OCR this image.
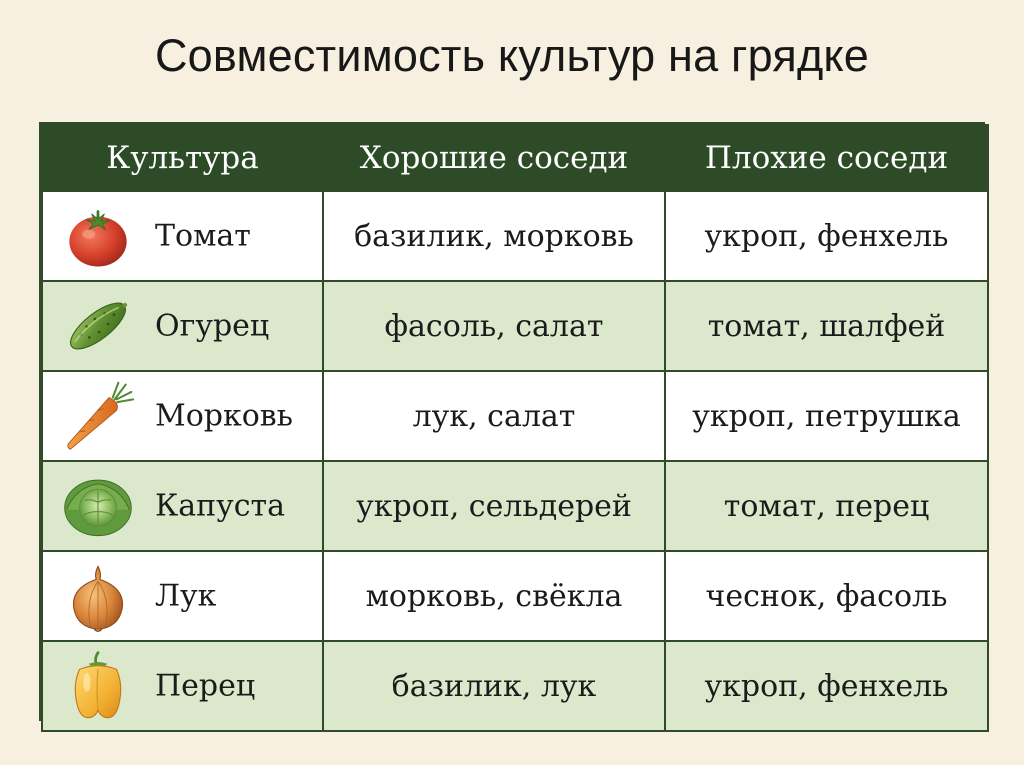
Совместимость культур на грядке
Культура	Хорошие соседи	Плохие соседи

Томат	базилик, морковь	укроп, фенхель

Огурец	фасоль, салат	томат, шалфей

Морковь	лук, салат	укроп, петрушка

Капуста	укроп, сельдерей	томат, перец

Лук	морковь, свёкла	чеснок, фасоль

Перец	базилик, лук	укроп, фенхель
